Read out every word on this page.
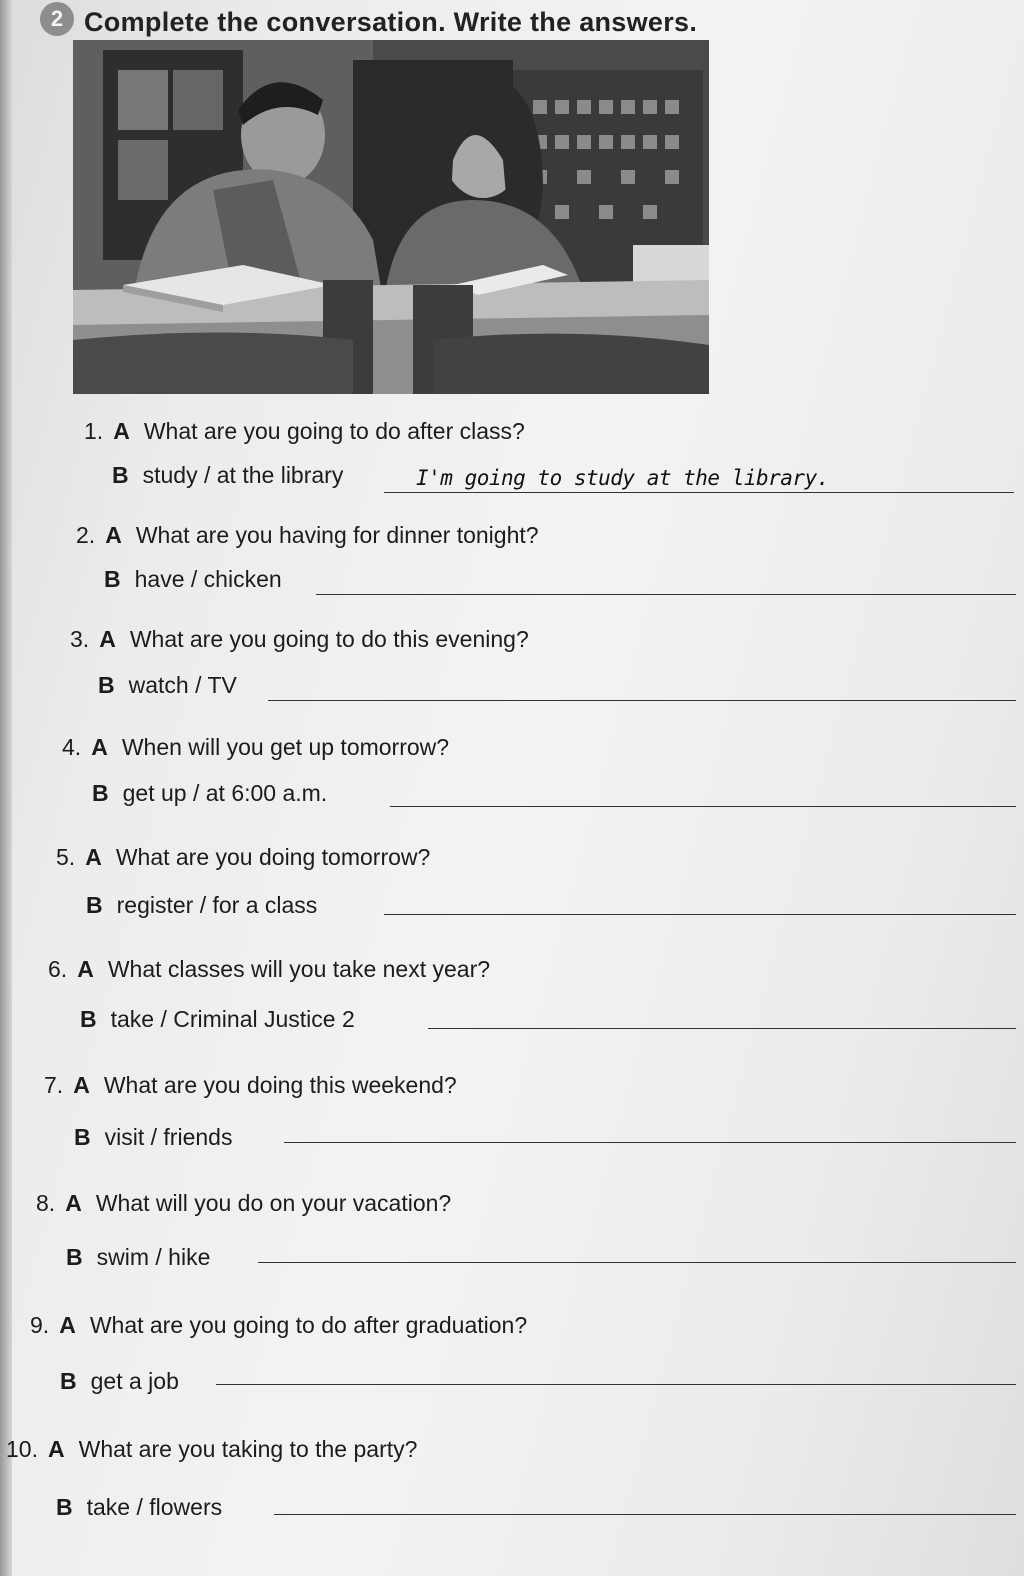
2 Complete the conversation. Write the answers.
1. A What are you going to do after class?
B study / at the library	I'm going to study at the library.
2. A What are you having for dinner tonight?
B have / chicken
3. A What are you going to do this evening?
B watch / TV
4. A When will you get up tomorrow?
B get up / at 6:00 a.m.
5. A What are you doing tomorrow?
B register / for a class
6. A What classes will you take next year?
B take / Criminal Justice 2
7. A What are you doing this weekend?
B visit / friends
8. A What will you do on your vacation?
B swim / hike
9. A What are you going to do after graduation?
B get a job
10. A What are you taking to the party?
B take / flowers
